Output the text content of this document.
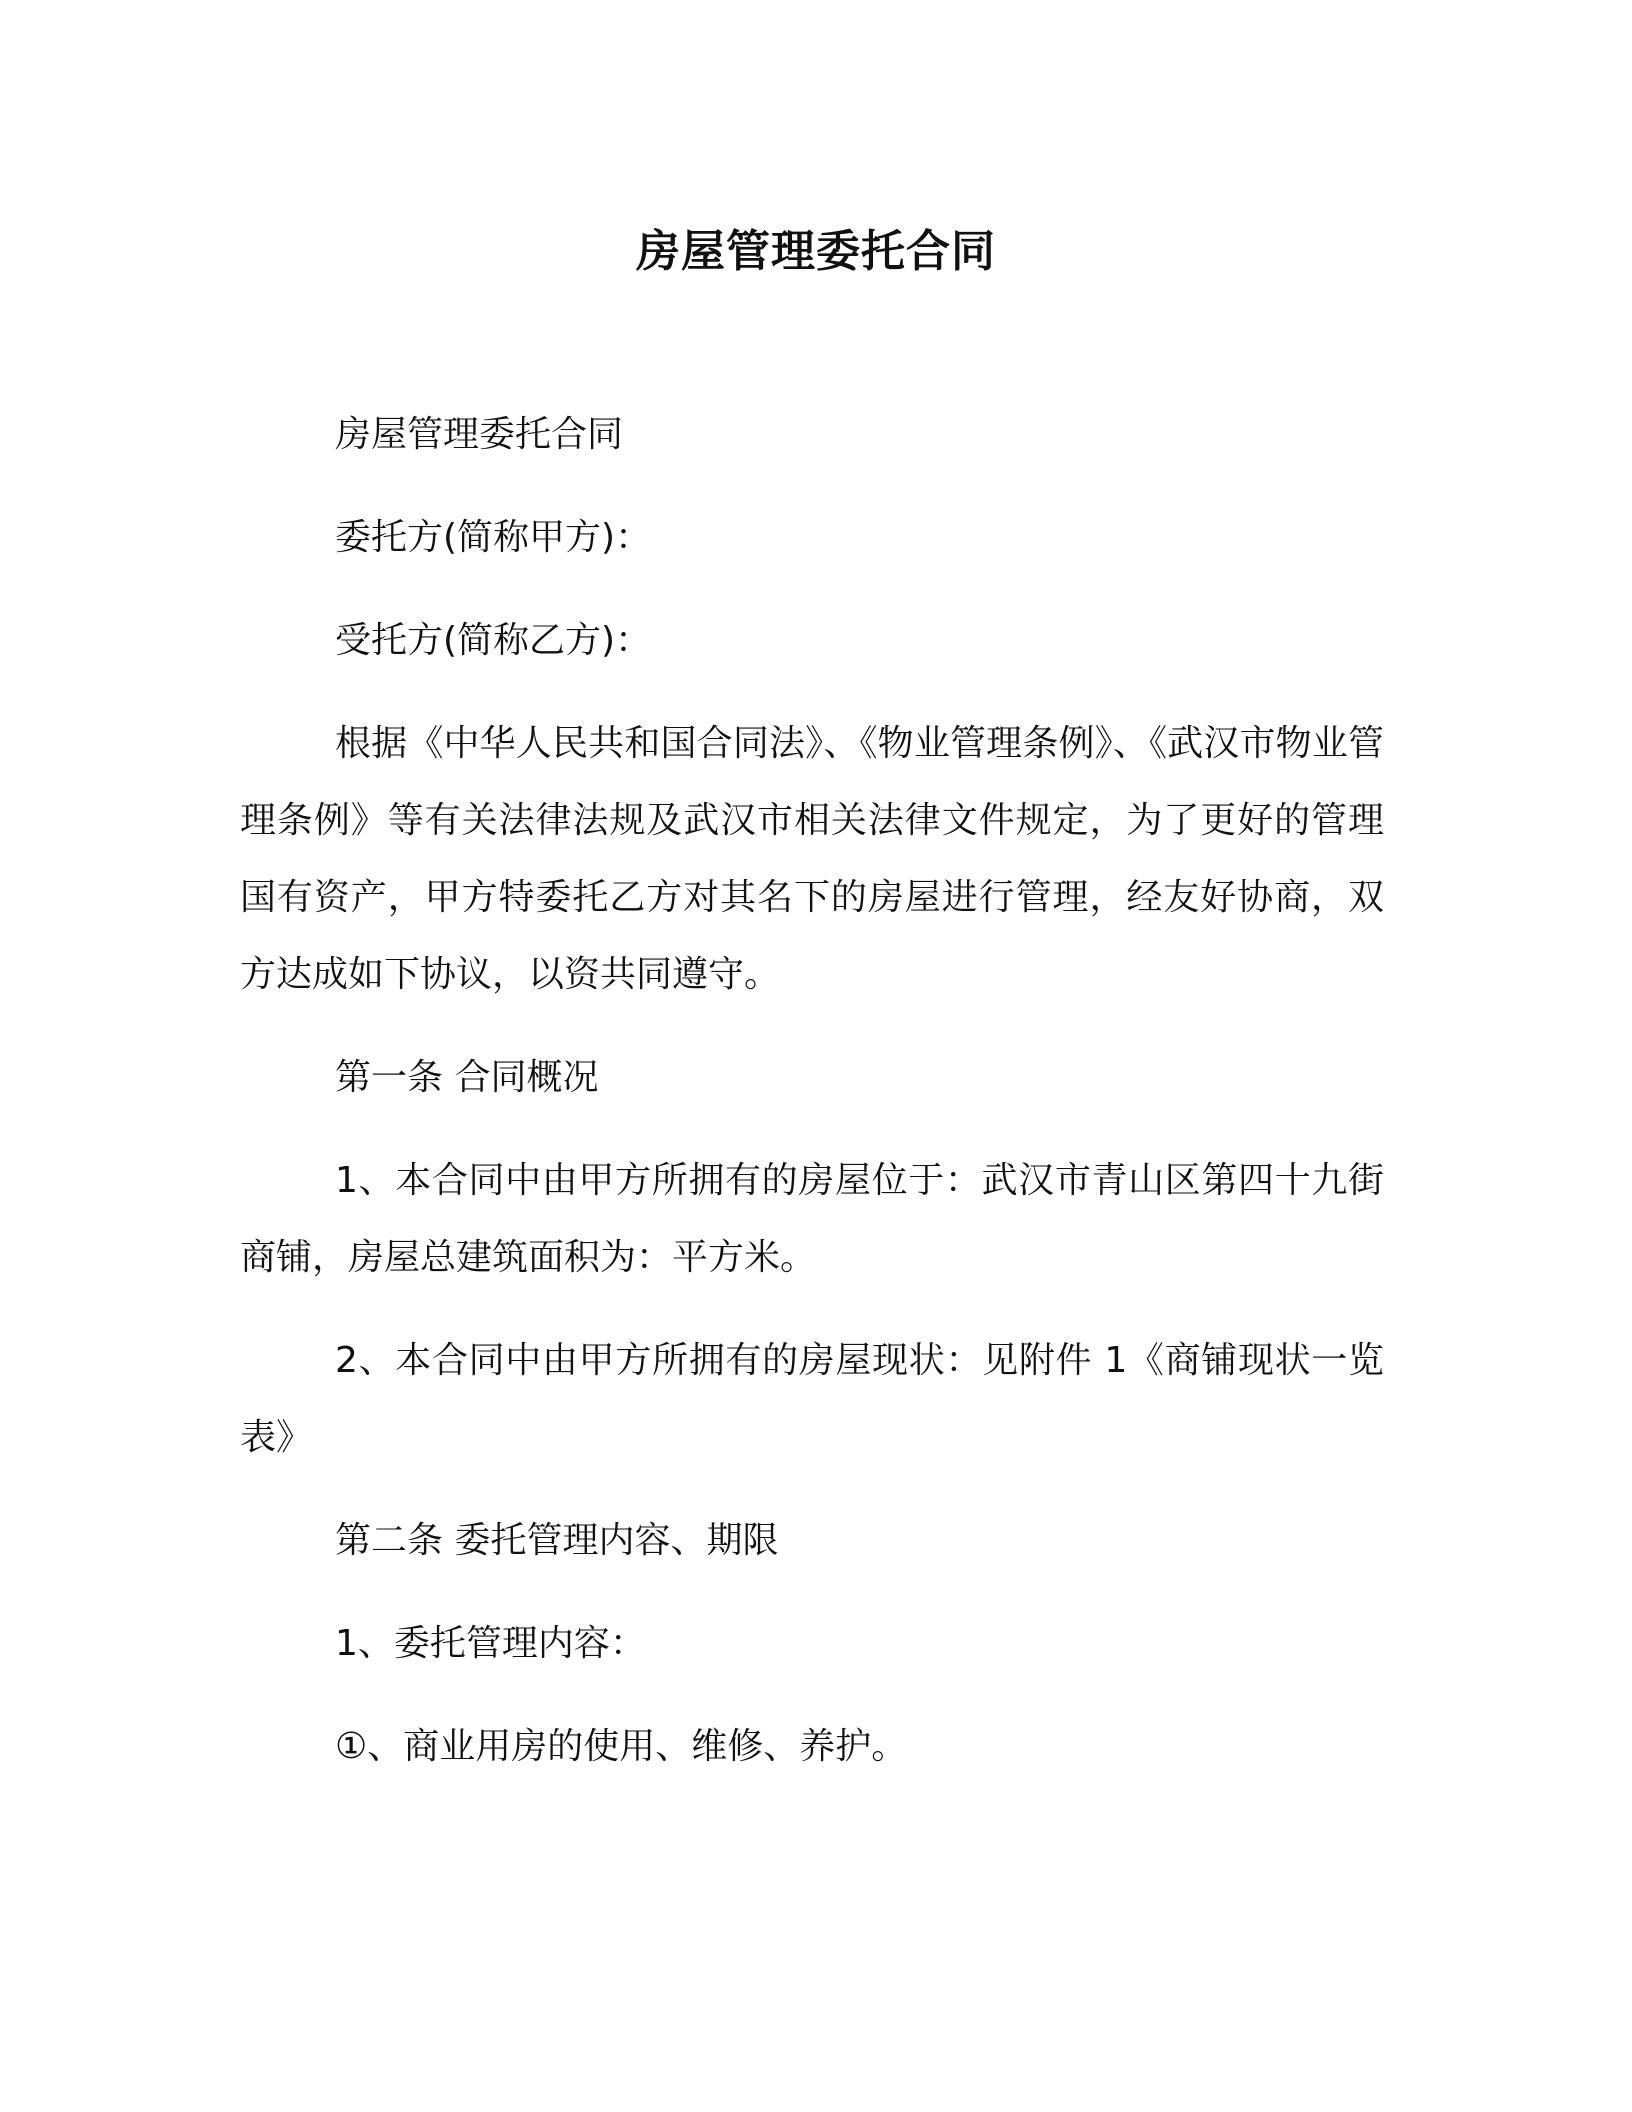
房屋管理委托合同

房屋管理委托合同

委托方(简称甲方)：

受托方(简称乙方)：

根据《中华人民共和国合同法》、《物业管理条例》、《武汉市物业管理条例》等有关法律法规及武汉市相关法律文件规定，为了更好的管理国有资产，甲方特委托乙方对其名下的房屋进行管理，经友好协商，双方达成如下协议，以资共同遵守。

第一条 合同概况

1、本合同中由甲方所拥有的房屋位于：武汉市青山区第四十九街商铺，房屋总建筑面积为：平方米。

2、本合同中由甲方所拥有的房屋现状：见附件 1《商铺现状一览表》

第二条 委托管理内容、期限

1、委托管理内容：

①、商业用房的使用、维修、养护。
